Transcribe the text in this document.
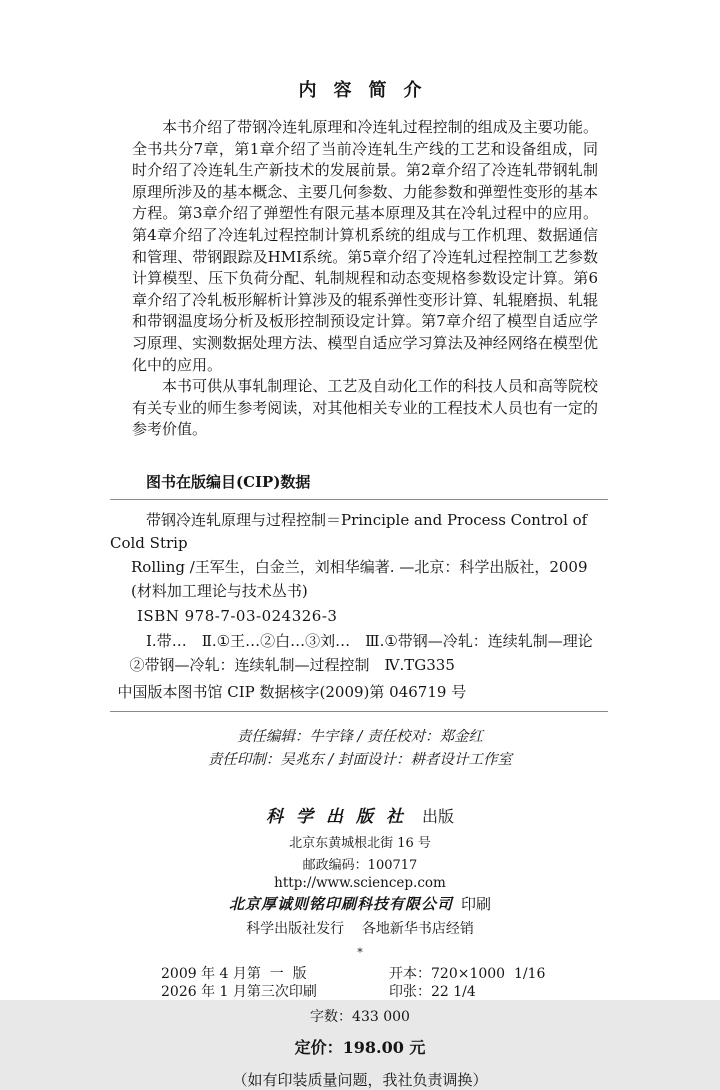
内容简介

本书介绍了带钢冷连轧原理和冷连轧过程控制的组成及主要功能。全书共分7章，第1章介绍了当前冷连轧生产线的工艺和设备组成，同时介绍了冷连轧生产新技术的发展前景。第2章介绍了冷连轧带钢轧制原理所涉及的基本概念、主要几何参数、力能参数和弹塑性变形的基本方程。第3章介绍了弹塑性有限元基本原理及其在冷轧过程中的应用。第4章介绍了冷连轧过程控制计算机系统的组成与工作机理、数据通信和管理、带钢跟踪及HMI系统。第5章介绍了冷连轧过程控制工艺参数计算模型、压下负荷分配、轧制规程和动态变规格参数设定计算。第6章介绍了冷轧板形解析计算涉及的辊系弹性变形计算、轧辊磨损、轧辊和带钢温度场分析及板形控制预设定计算。第7章介绍了模型自适应学习原理、实测数据处理方法、模型自适应学习算法及神经网络在模型优化中的应用。

本书可供从事轧制理论、工艺及自动化工作的科技人员和高等院校有关专业的师生参考阅读，对其他相关专业的工程技术人员也有一定的参考价值。

图书在版编目(CIP)数据
带钢冷连轧原理与过程控制＝Principle and Process Control of Cold Strip
Rolling /王军生，白金兰，刘相华编著. —北京：科学出版社，2009
(材料加工理论与技术丛书)
ISBN 978-7-03-024326-3
Ⅰ.带…　Ⅱ.①王…②白…③刘…　Ⅲ.①带钢—冷轧：连续轧制—理论
②带钢—冷轧：连续轧制—过程控制　Ⅳ.TG335
中国版本图书馆 CIP 数据核字(2009)第 046719 号
责任编辑：牛宇锋 / 责任校对：郑金红
责任印制：吴兆东 / 封面设计：耕者设计工作室
科学出版社 出版
北京东黄城根北街 16 号
邮政编码：100717
http://www.sciencep.com
北京厚诚则铭印刷科技有限公司 印刷
科学出版社发行    各地新华书店经销
*
2009 年 4 月第  一  版	开本：720×1000  1/16
2026 年 1 月第三次印刷	印张：22 1/4
字数：433 000
定价：198.00 元
（如有印装质量问题，我社负责调换）
